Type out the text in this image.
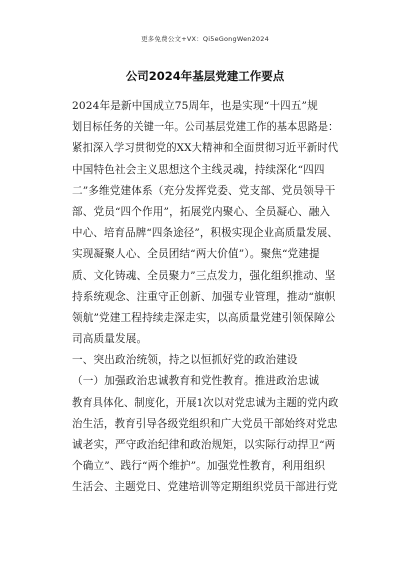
更多免费公文+VX：Qi5eGongWen2024
公司2024年基层党建工作要点
2024年是新中国成立75周年，也是实现“十四五”规
划目标任务的关键一年。公司基层党建工作的基本思路是：
紧扣深入学习贯彻党的XX大精神和全面贯彻习近平新时代
中国特色社会主义思想这个主线灵魂，持续深化“四四
二”多维党建体系（充分发挥党委、党支部、党员领导干
部、党员“四个作用”，拓展党内聚心、全员凝心、融入
中心、培育品牌“四条途径”，积极实现企业高质量发展、
实现凝聚人心、全员团结“两大价值”）。聚焦“党建提
质、文化铸魂、全员聚力”三点发力，强化组织推动、坚
持系统观念、注重守正创新、加强专业管理，推动“旗帜
领航”党建工程持续走深走实，以高质量党建引领保障公
司高质量发展。
一、突出政治统领，持之以恒抓好党的政治建设
（一）加强政治忠诚教育和党性教育。推进政治忠诚
教育具体化、制度化，开展1次以对党忠诚为主题的党内政
治生活，教育引导各级党组织和广大党员干部始终对党忠
诚老实，严守政治纪律和政治规矩，以实际行动捍卫“两
个确立”、践行“两个维护”。加强党性教育，利用组织
生活会、主题党日、党建培训等定期组织党员干部进行党
